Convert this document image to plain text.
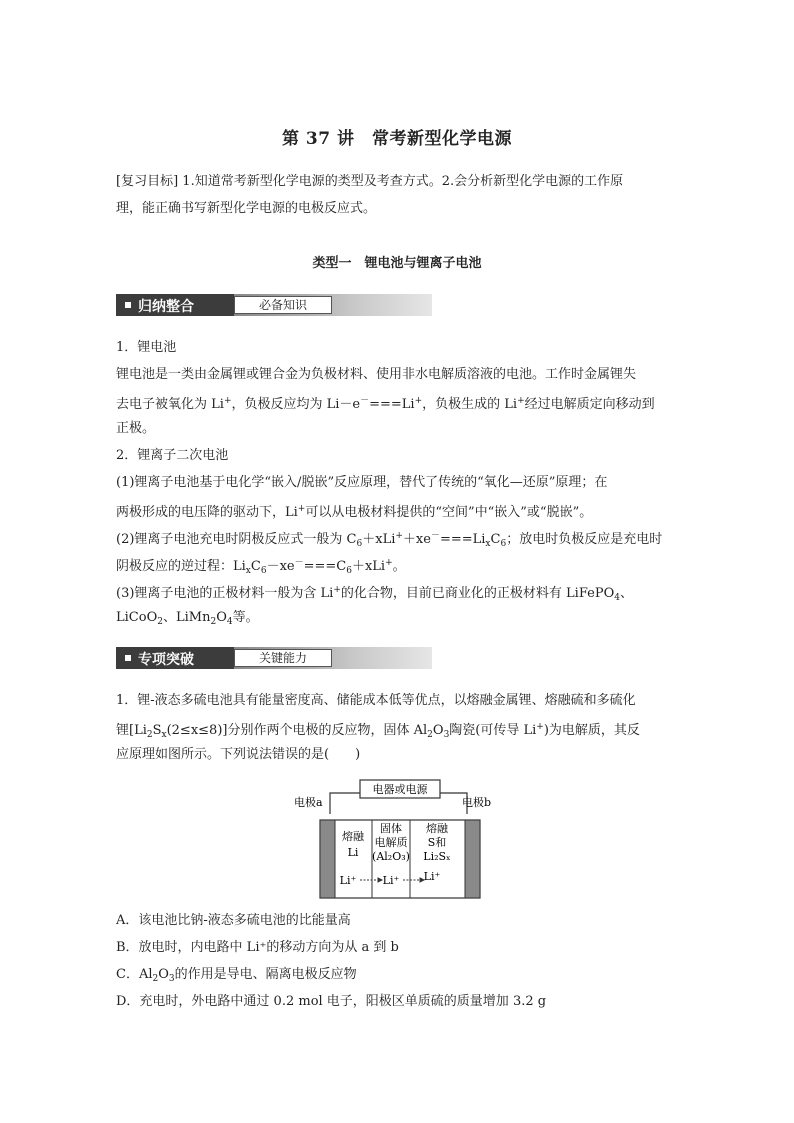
第 37 讲　常考新型化学电源
[复习目标] 1.知道常考新型化学电源的类型及考查方式。2.会分析新型化学电源的工作原
理，能正确书写新型化学电源的电极反应式。
类型一　锂电池与锂离子电池
归纳整合	必备知识
1．锂电池
锂电池是一类由金属锂或锂合金为负极材料、使用非水电解质溶液的电池。工作时金属锂失
去电子被氧化为 Li+，负极反应均为 Li－e－===Li+，负极生成的 Li+经过电解质定向移动到
正极。
2．锂离子二次电池
(1)锂离子电池基于电化学“嵌入/脱嵌”反应原理，替代了传统的“氧化—还原”原理；在
两极形成的电压降的驱动下，Li+可以从电极材料提供的“空间”中“嵌入”或“脱嵌”。
(2)锂离子电池充电时阴极反应式一般为 $C_6+xLi^++xe^-===Li_xC_6$；放电时负极反应是充电时
阴极反应的逆过程：$Li_xC_6-xe^-===C_6+xLi^+$。
(3)锂离子电池的正极材料一般为含 Li+的化合物，目前已商业化的正极材料有 LiFePO$_4$、
LiCoO$_2$、$LiMn_2O_4$等。
专项突破	关键能力
1．锂-液态多硫电池具有能量密度高、储能成本低等优点，以熔融金属锂、熔融硫和多硫化
锂$[Li_2S_x(2\le x\le 8)]$分别作两个电极的反应物，固体 $Al_2O_3$陶瓷(可传导 Li+)为电解质，其反
应原理如图所示。下列说法错误的是(　　)
电器或电源
电极a	电极b
熔融
Li
固体
电解质
(Al₂O₃)
熔融
S和
Li₂Sₓ
Li⁺ Li⁺ Li⁺
A．该电池比钠-液态多硫电池的比能量高
B．放电时，内电路中 Li⁺的移动方向为从 a 到 b
C．$Al_2O_3$的作用是导电、隔离电极反应物
D．充电时，外电路中通过 0.2 mol 电子，阳极区单质硫的质量增加 3.2 g
